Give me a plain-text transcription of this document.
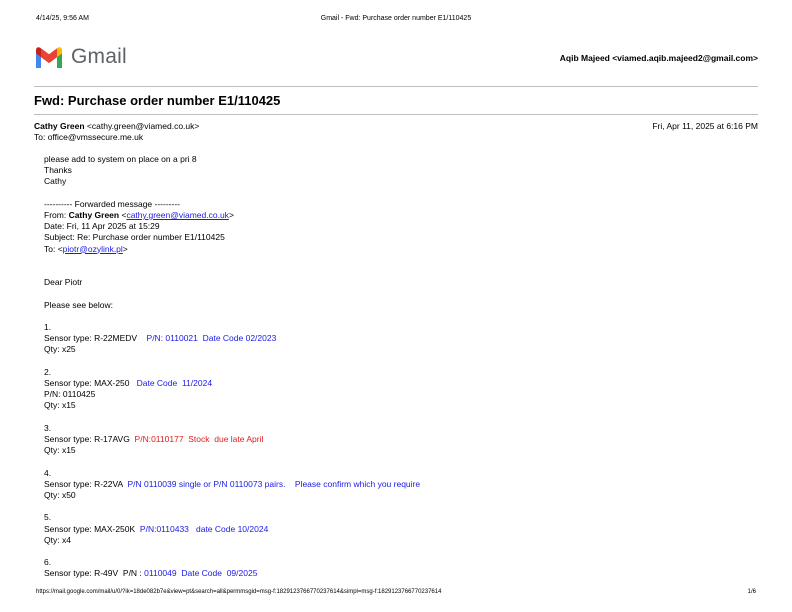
4/14/25, 9:56 AM	Gmail - Fwd: Purchase order number E1/110425
Gmail	Aqib Majeed <viamed.aqib.majeed2@gmail.com>
Fwd: Purchase order number E1/110425
Cathy Green <cathy.green@viamed.co.uk>	Fri, Apr 11, 2025 at 6:16 PM
To: office@vmssecure.me.uk
please add to system on place on a pri 8
Thanks
Cathy
---------- Forwarded message ---------
From: Cathy Green <cathy.green@viamed.co.uk>
Date: Fri, 11 Apr 2025 at 15:29
Subject: Re: Purchase order number E1/110425
To: <piotr@ozylink.pl>
Dear Piotr
Please see below:
1.
Sensor type: R-22MEDV    P/N: 0110021  Date Code 02/2023
Qty: x25
2.
Sensor type: MAX-250   Date Code  11/2024
P/N: 0110425
Qty: x15
3.
Sensor type: R-17AVG  P/N:0110177  Stock  due late April
Qty: x15
4.
Sensor type: R-22VA  P/N 0110039 single or P/N 0110073 pairs.    Please confirm which you require
Qty: x50
5.
Sensor type: MAX-250K  P/N:0110433   date Code 10/2024
Qty: x4
6.
Sensor type: R-49V  P/N : 0110049  Date Code  09/2025
https://mail.google.com/mail/u/0/?ik=18de082b7e&view=pt&search=all&permmsgid=msg-f:1829123766770237614&simpl=msg-f:1829123766770237614	1/6
